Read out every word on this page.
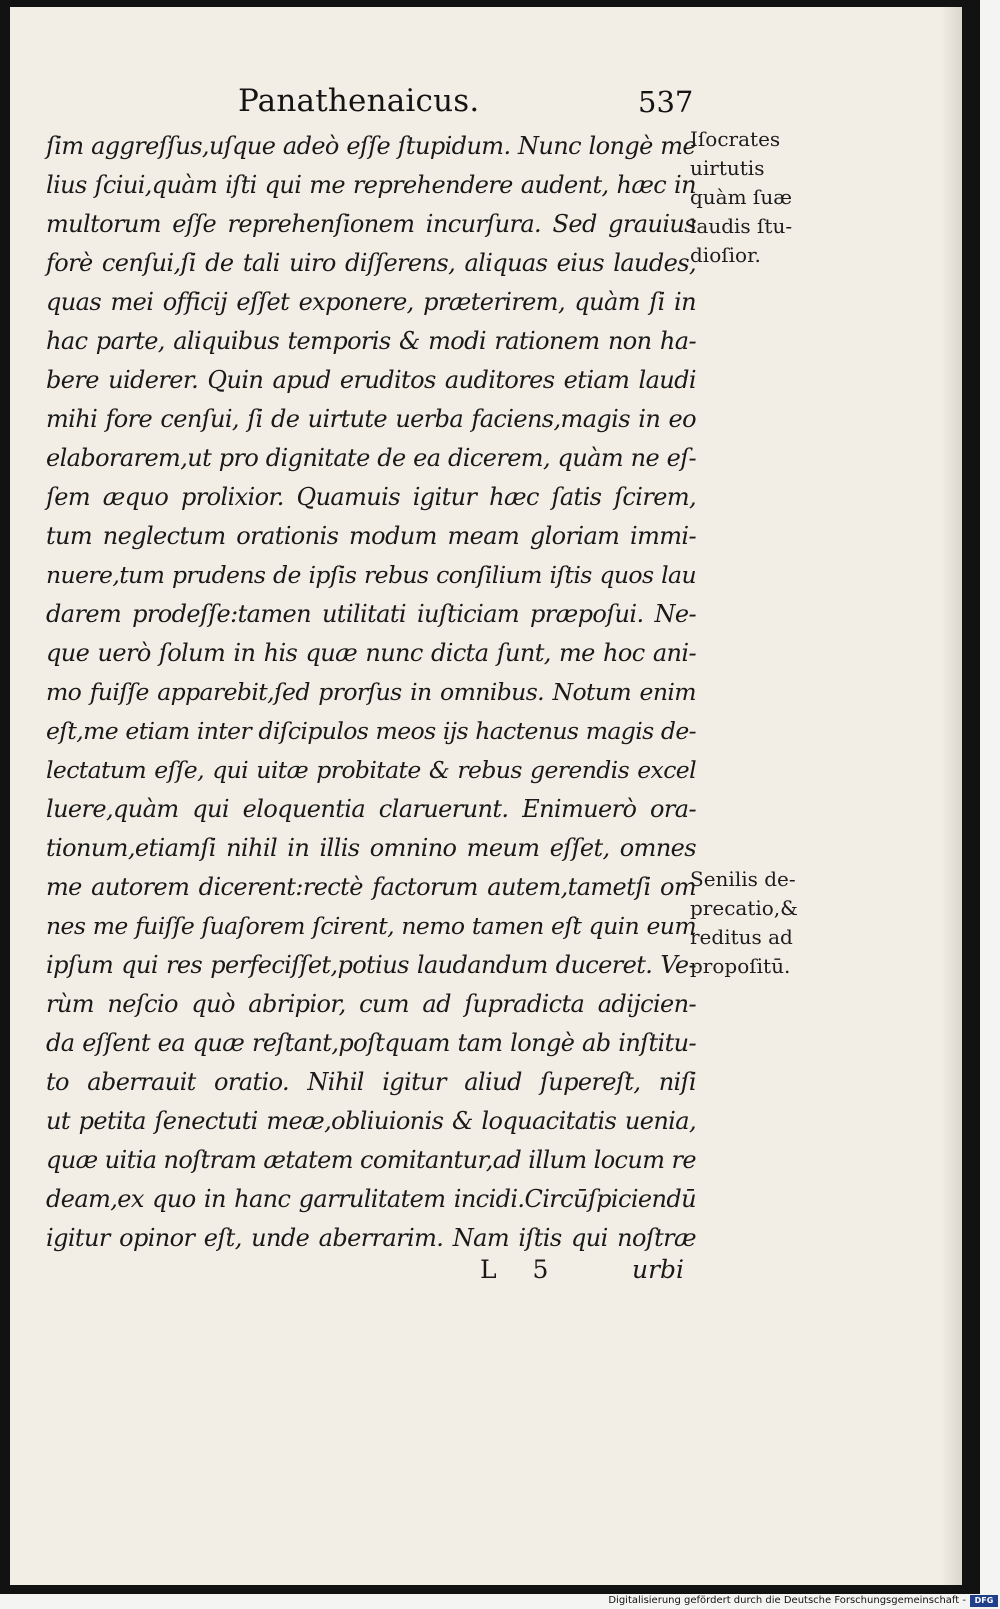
Panathenaicus.	537
ſim aggreſſus,uſque adeò eſſe ſtupidum. Nunc longè me
lius ſciui,quàm iſti qui me reprehendere audent, hæc in
multorum eſſe reprehenſionem incurſura. Sed grauius
forè cenſui,ſi de tali uiro diſſerens, aliquas eius laudes,
quas mei officij eſſet exponere, præterirem, quàm ſi in
hac parte, aliquibus temporis & modi rationem non ha-
bere uiderer. Quin apud eruditos auditores etiam laudi
mihi fore cenſui, ſi de uirtute uerba faciens,magis in eo
elaborarem,ut pro dignitate de ea dicerem, quàm ne eſ-
ſem æquo prolixior. Quamuis igitur hæc ſatis ſcirem,
tum neglectum orationis modum meam gloriam immi-
nuere,tum prudens de ipſis rebus conſilium iſtis quos lau
darem prodeſſe:tamen utilitati iuſticiam præpoſui. Ne-
que uerò ſolum in his quæ nunc dicta ſunt, me hoc ani-
mo fuiſſe apparebit,ſed prorſus in omnibus. Notum enim
eſt,me etiam inter diſcipulos meos ijs hactenus magis de-
lectatum eſſe, qui uitæ probitate & rebus gerendis excel
luere,quàm qui eloquentia claruerunt. Enimuerò ora-
tionum,etiamſi nihil in illis omnino meum eſſet, omnes
me autorem dicerent:rectè factorum autem,tametſi om
nes me fuiſſe ſuaſorem ſcirent, nemo tamen eſt quin eum
ipſum qui res perfeciſſet,potius laudandum duceret. Ve-
rùm neſcio quò abripior, cum ad ſupradicta adijcien-
da eſſent ea quæ reſtant,poſtquam tam longè ab inſtitu-
to aberrauit oratio. Nihil igitur aliud ſupereſt, niſi
ut petita ſenectuti meæ,obliuionis & loquacitatis uenia,
quæ uitia noſtram ætatem comitantur,ad illum locum re
deam,ex quo in hanc garrulitatem incidi.Circūſpiciendū
igitur opinor eſt, unde aberrarim. Nam iſtis qui noſtræ
Iſocrates
uirtutis
quàm ſuæ
laudis ſtu-
dioſior.
Senilis de-
precatio,&
reditus ad
propoſitū.
L 5	urbi
Digitalisierung gefördert durch die Deutsche Forschungsgemeinschaft -	DFG
